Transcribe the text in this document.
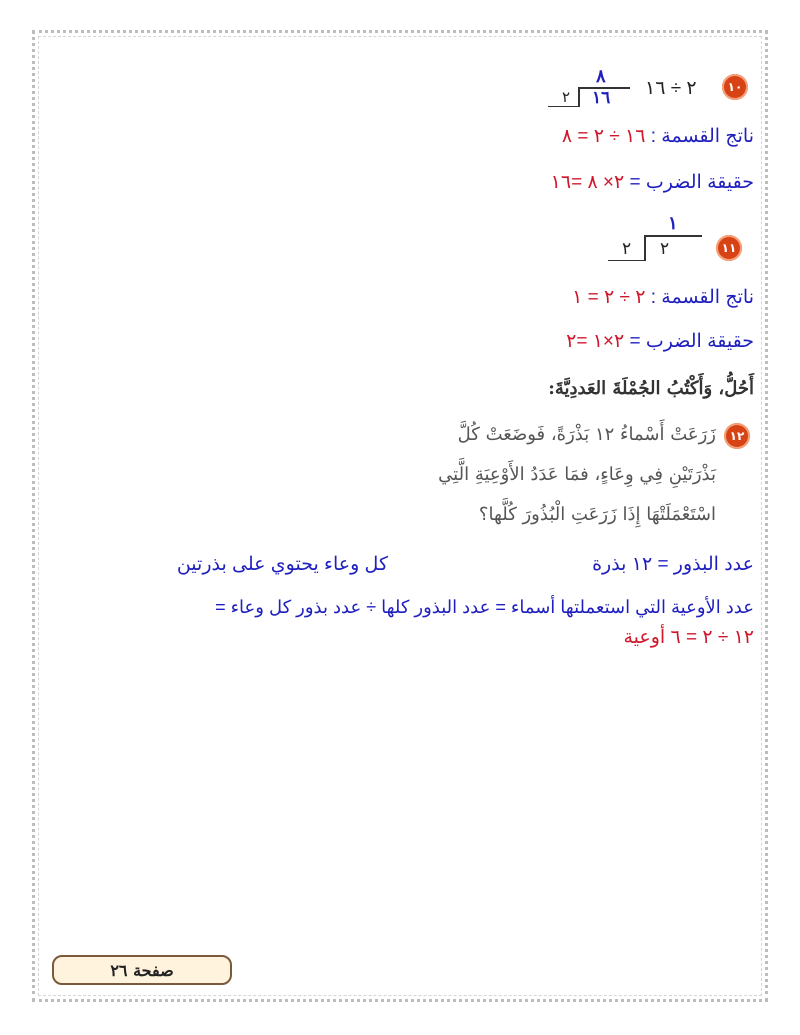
١٠
٢ ÷ ١٦
٨
١٦
٢
ناتج القسمة : ١٦ ÷ ٢ = ٨
حقيقة الضرب = ٢× ٨ =١٦
١١
١
٢
٢
ناتج القسمة : ٢ ÷ ٢ = ١
حقيقة الضرب = ٢×١ =٢
أَحُلُّ، وَأَكْتُبُ الجُمْلَةَ العَددِيَّةَ:
١٢
زَرَعَتْ أَسْماءُ ١٢ بَذْرَةً، فَوضَعَتْ كُلَّ
بَذْرَتَيْنِ فِي وِعَاءٍ، فمَا عَدَدُ الأَوْعِيَةِ الَّتِي
اسْتَعْمَلَتْهَا إِذَا زَرَعَتِ الْبُذُورَ كُلَّها؟
عدد البذور = ١٢ بذرة
كل وعاء يحتوي على بذرتين
عدد الأوعية التي استعملتها أسماء = عدد البذور كلها ÷ عدد بذور كل وعاء =
١٢ ÷ ٢ = ٦ أوعية
صفحة ٢٦
